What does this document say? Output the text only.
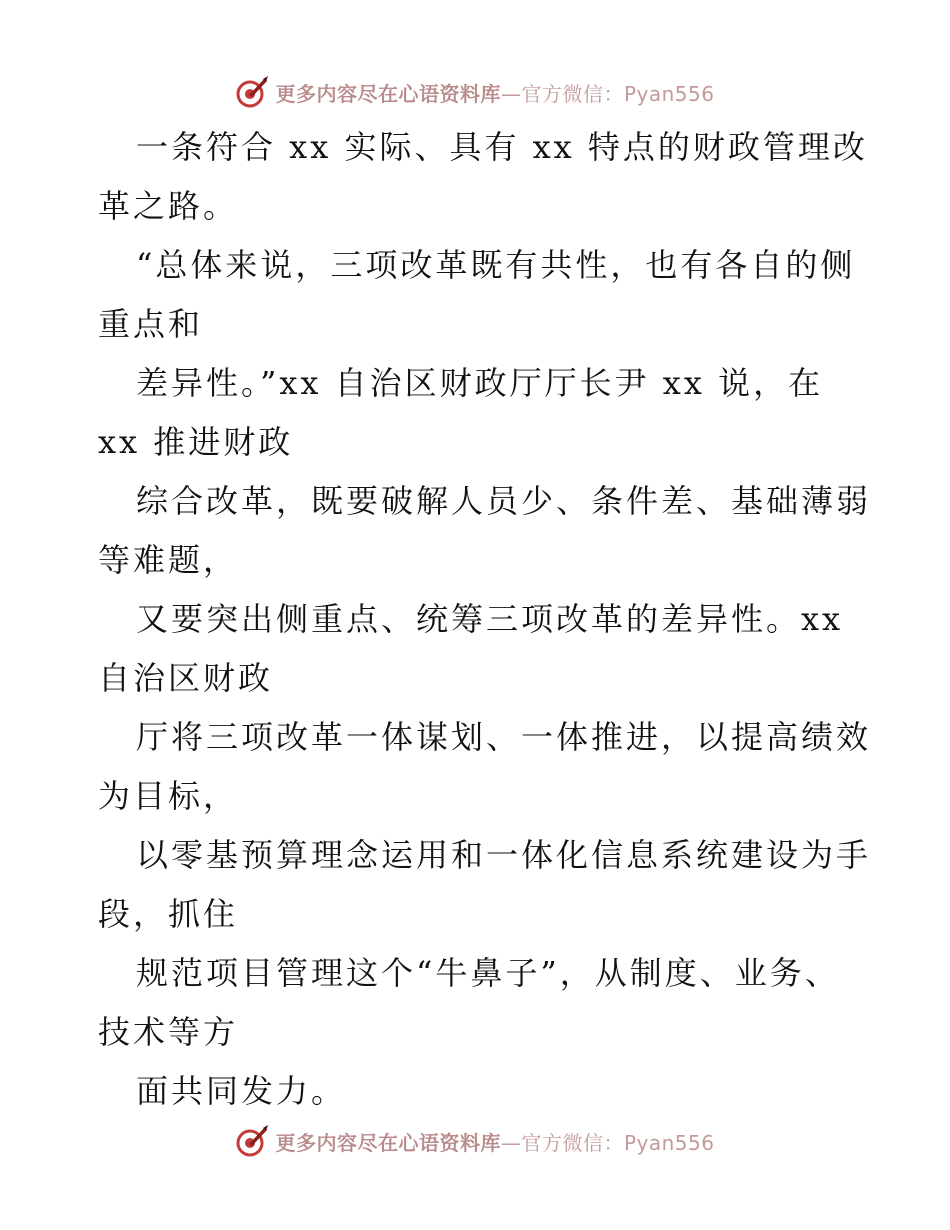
更多内容尽在心语资料库—官方微信：Pyan556
一条符合 xx 实际、具有 xx 特点的财政管理改
革之路。
“总体来说，三项改革既有共性，也有各自的侧
重点和
差异性。”xx 自治区财政厅厅长尹 xx 说，在
xx 推进财政
综合改革，既要破解人员少、条件差、基础薄弱
等难题，
又要突出侧重点、统筹三项改革的差异性。xx
自治区财政
厅将三项改革一体谋划、一体推进，以提高绩效
为目标，
以零基预算理念运用和一体化信息系统建设为手
段，抓住
规范项目管理这个“牛鼻子”，从制度、业务、
技术等方
面共同发力。
更多内容尽在心语资料库—官方微信：Pyan556
